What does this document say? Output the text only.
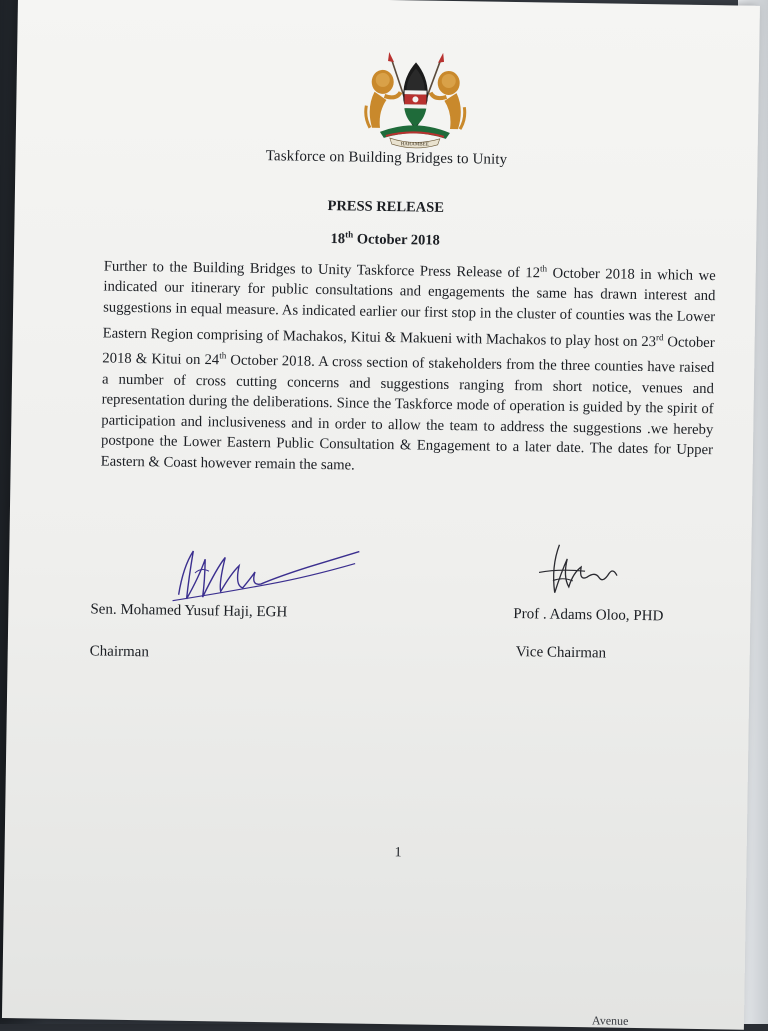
HARAMBEE
Taskforce on Building Bridges to Unity
PRESS RELEASE
18th October 2018
Further to the Building Bridges to Unity Taskforce Press Release of 12th October 2018 in which we indicated our itinerary for public consultations and engagements the same has drawn interest and suggestions in equal measure. As indicated earlier our first stop in the cluster of counties was the Lower Eastern Region comprising of Machakos, Kitui & Makueni with Machakos to play host on 23rd October 2018 & Kitui on 24th October 2018. A cross section of stakeholders from the three counties have raised a number of cross cutting concerns and suggestions ranging from short notice, venues and representation during the deliberations. Since the Taskforce mode of operation is guided by the spirit of participation and inclusiveness and in order to allow the team to address the suggestions .we hereby postpone the Lower Eastern Public Consultation & Engagement to a later date. The dates for Upper Eastern & Coast however remain the same.
Sen. Mohamed Yusuf Haji, EGH
Chairman
Prof . Adams Oloo, PHD
Vice Chairman
1
Avenue
